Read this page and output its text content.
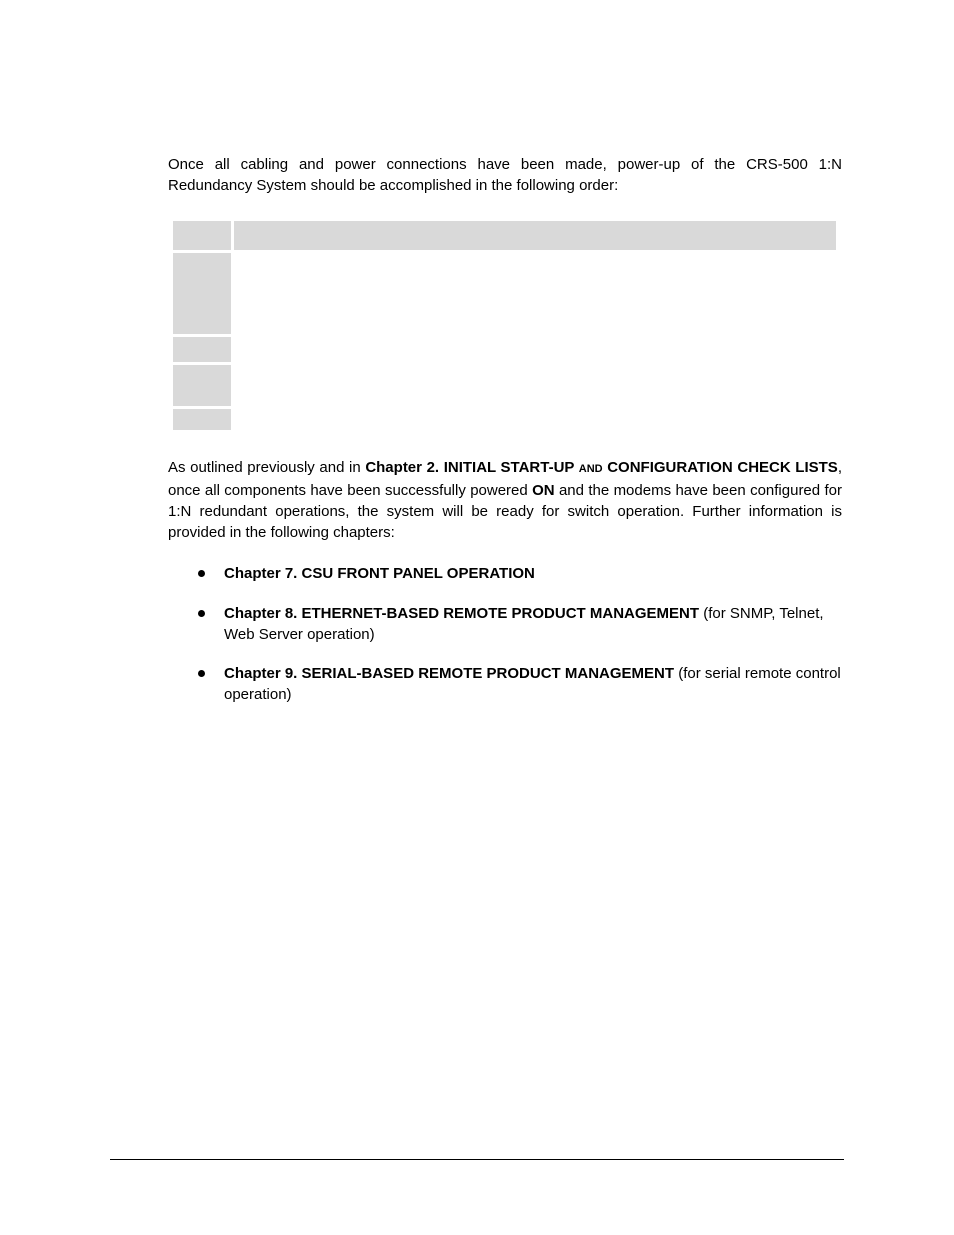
Once all cabling and power connections have been made, power-up of the CRS-500 1:N Redundancy System should be accomplished in the following order:

As outlined previously and in Chapter 2. INITIAL START-UP AND CONFIGURATION CHECK LISTS, once all components have been successfully powered ON and the modems have been configured for 1:N redundant operations, the system will be ready for switch operation. Further information is provided in the following chapters:

Chapter 7. CSU FRONT PANEL OPERATION
Chapter 8. ETHERNET-BASED REMOTE PRODUCT MANAGEMENT (for SNMP, Telnet, Web Server operation)
Chapter 9. SERIAL-BASED REMOTE PRODUCT MANAGEMENT (for serial remote control operation)
